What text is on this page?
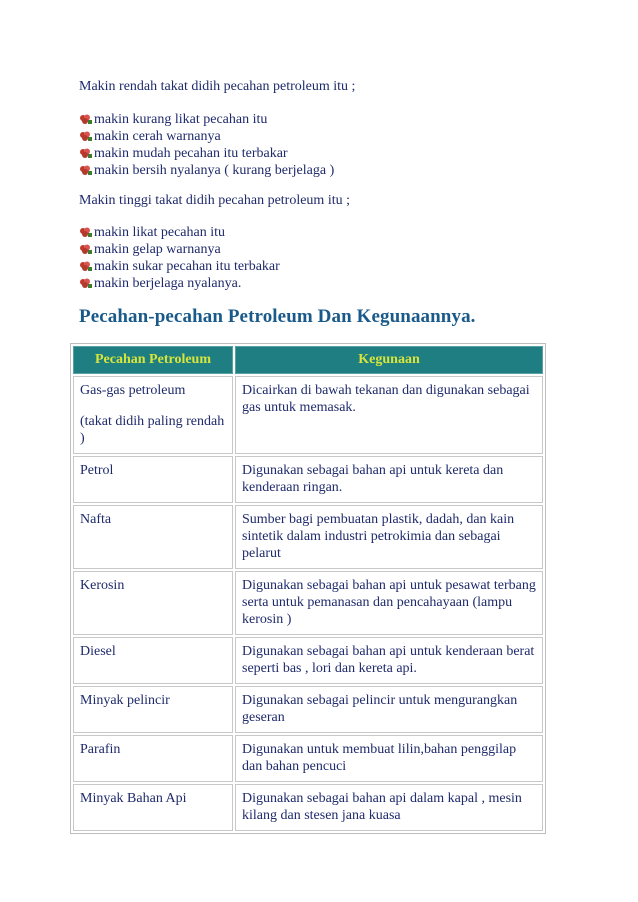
Makin rendah takat didih pecahan petroleum itu ;

makin kurang likat pecahan itu
makin cerah warnanya
makin mudah pecahan itu terbakar
makin bersih nyalanya ( kurang berjelaga )

Makin tinggi takat didih pecahan petroleum itu ;

makin likat pecahan itu
makin gelap warnanya
makin sukar pecahan itu terbakar
makin berjelaga nyalanya.
Pecahan-pecahan Petroleum Dan Kegunaannya.
Pecahan Petroleum	Kegunaan
Gas-gas petroleum
(takat didih paling rendah )	Dicairkan di bawah tekanan dan digunakan sebagai gas untuk memasak.
Petrol	Digunakan sebagai bahan api untuk kereta dan kenderaan ringan.
Nafta	Sumber bagi pembuatan plastik, dadah, dan kain sintetik dalam industri petrokimia dan sebagai pelarut
Kerosin	Digunakan sebagai bahan api untuk pesawat terbang serta untuk pemanasan dan pencahayaan (lampu kerosin )
Diesel	Digunakan sebagai bahan api untuk kenderaan berat seperti bas , lori dan kereta api.
Minyak pelincir	Digunakan sebagai pelincir untuk mengurangkan geseran
Parafin	Digunakan untuk membuat lilin,bahan penggilap dan bahan pencuci
Minyak Bahan Api	Digunakan sebagai bahan api dalam kapal , mesin kilang dan stesen jana kuasa
